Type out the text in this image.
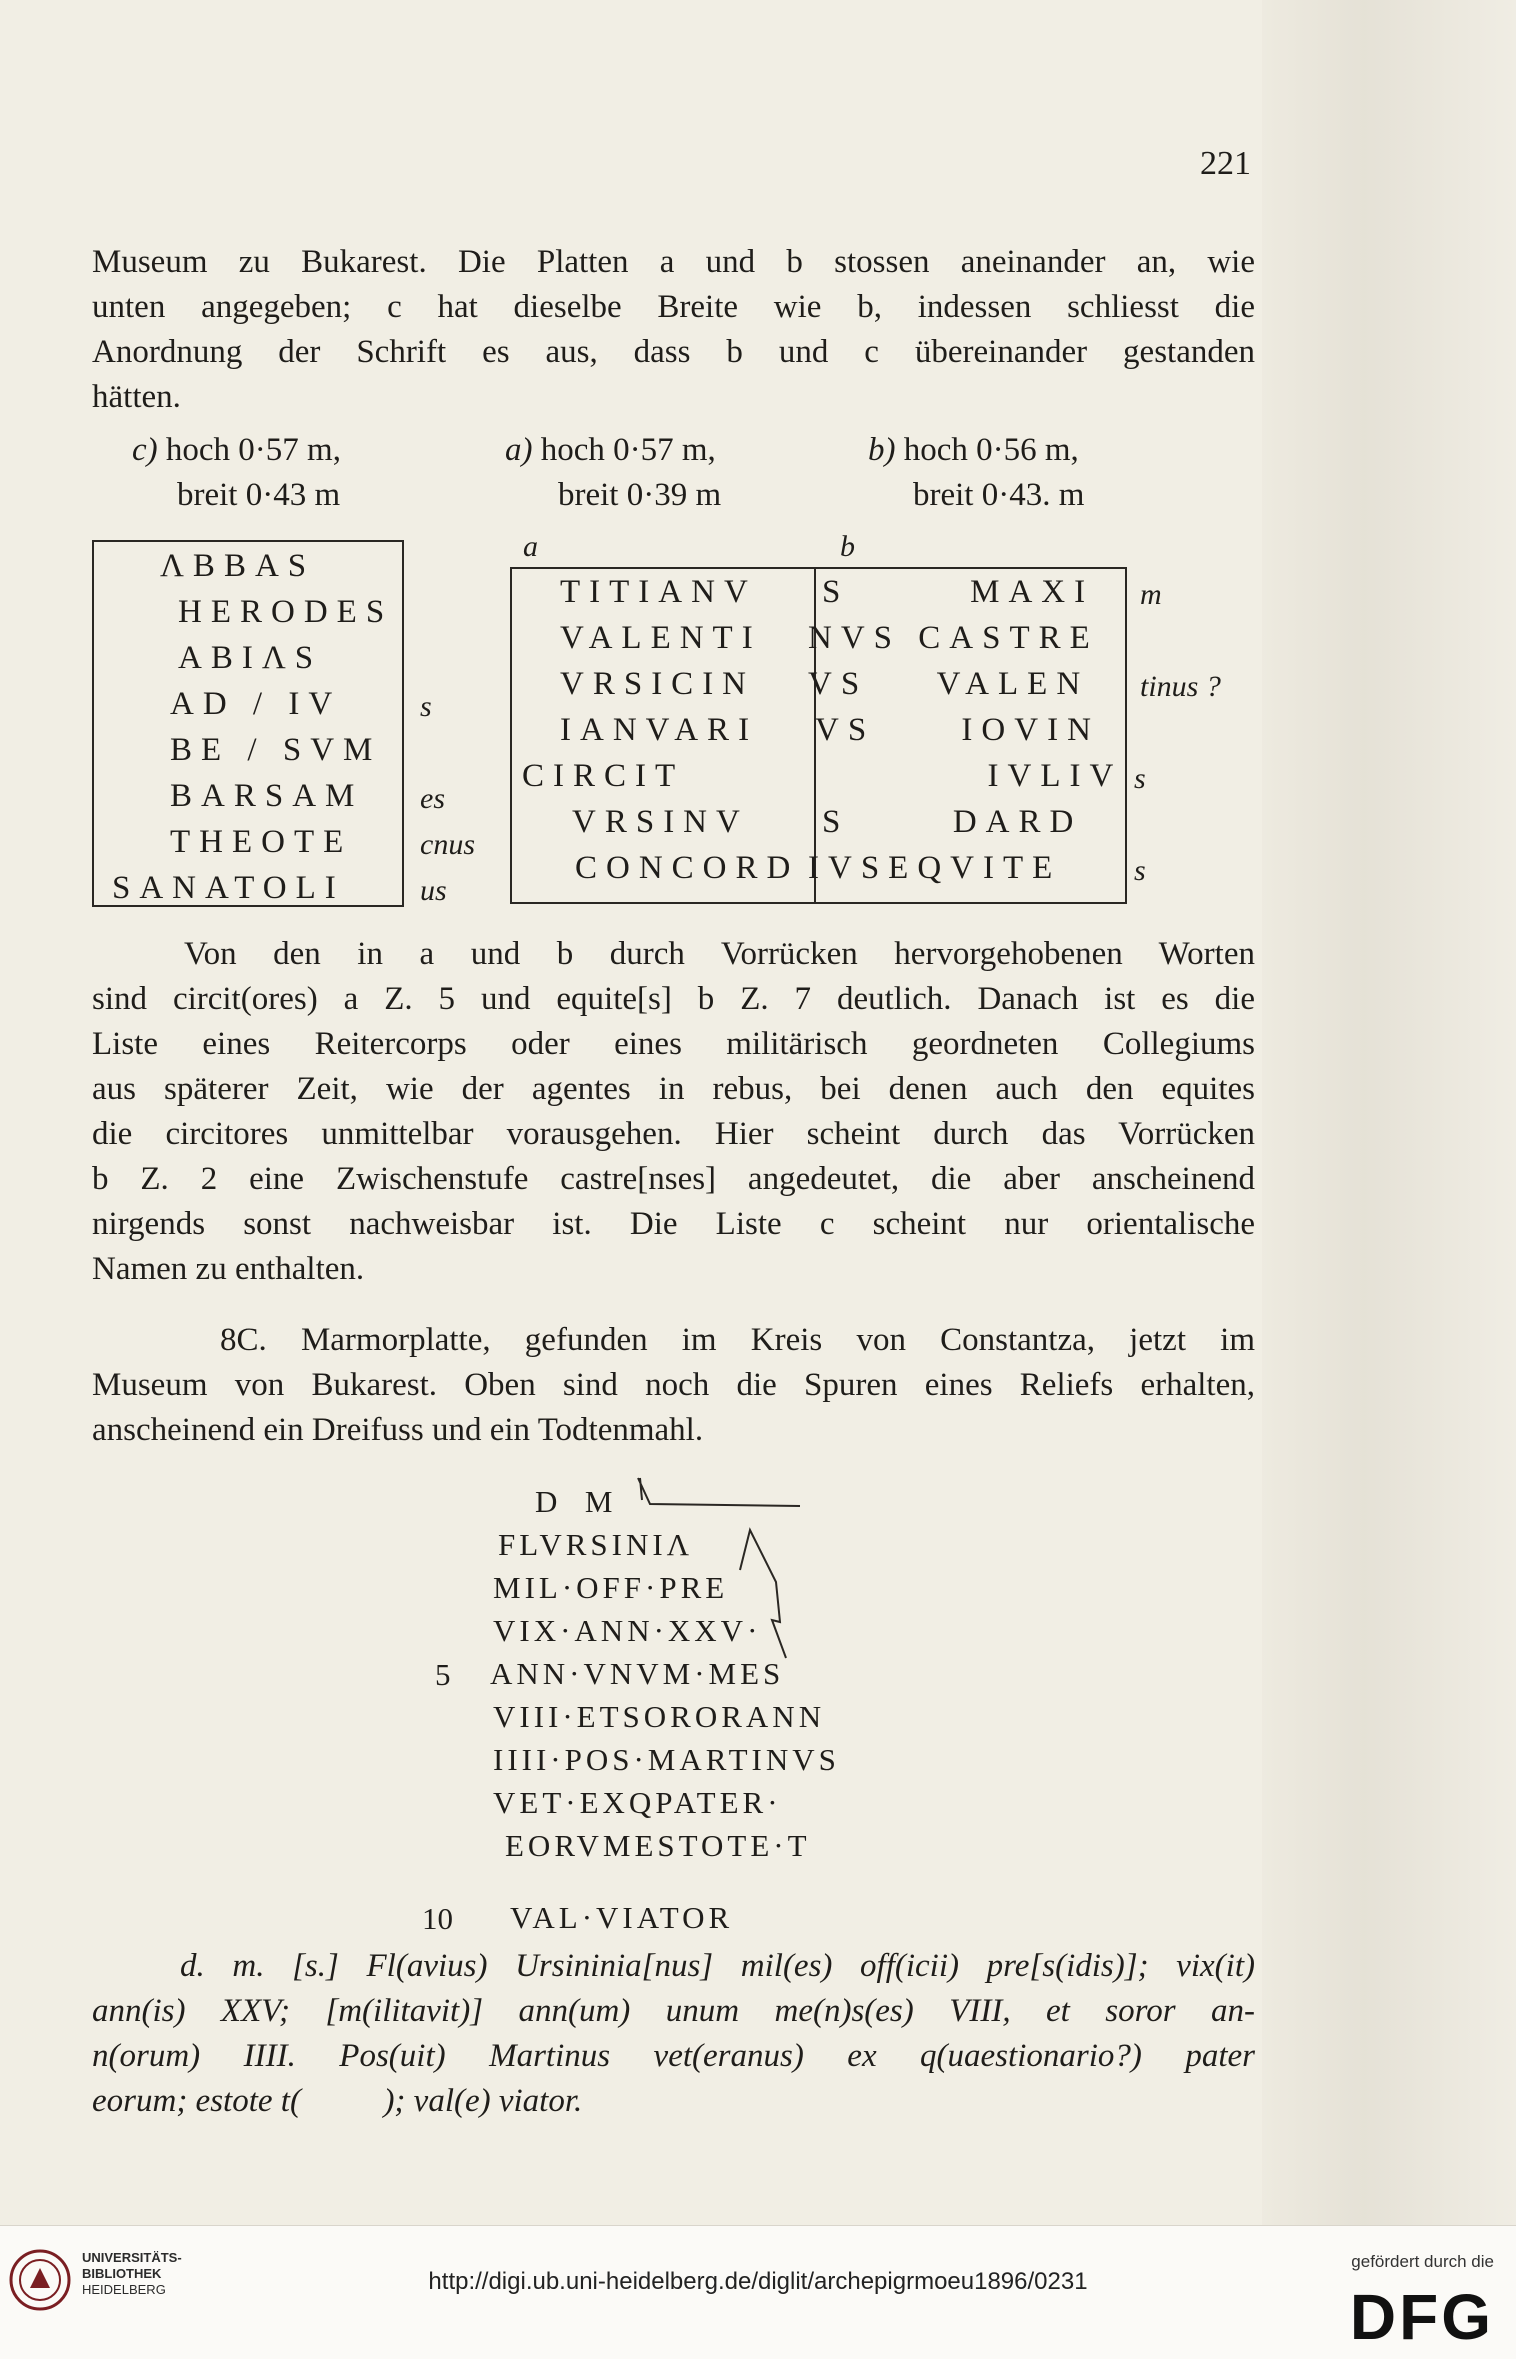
221
Museum zu Bukarest. Die Platten a und b stossen aneinander an, wie
unten angegeben; c hat dieselbe Breite wie b, indessen schliesst die
Anordnung der Schrift es aus, dass b und c übereinander gestanden
hätten.
c) hoch 0·57 m,
breit 0·43 m
a) hoch 0·57 m,
breit 0·39 m
b) hoch 0·56 m,
breit 0·43. m
ΛBBAS
HERODES
ABIΛS
AD / IV
BE / SVM
BARSAM
THEOTE
SANATOLI
s
es
cnus
us
a	b
TITIANV
VALENTI
VRSICIN
IANVARI
CIRCIT
VRSINV
CONCORD
S       MAXI
NVS CASTRE
VS    VALEN
VS     IOVIN
IVLIV
S      DARD
IVSEQVITE
m
tinus ?
s
s
Von den in a und b durch Vorrücken hervorgehobenen Worten
sind circit(ores) a Z. 5 und equite[s] b Z. 7 deutlich. Danach ist es die
Liste eines Reitercorps oder eines militärisch geordneten Collegiums
aus späterer Zeit, wie der agentes in rebus, bei denen auch den equites
die circitores unmittelbar vorausgehen. Hier scheint durch das Vorrücken
b Z. 2 eine Zwischenstufe castre[nses] angedeutet, die aber anscheinend
nirgends sonst nachweisbar ist. Die Liste c scheint nur orientalische
Namen zu enthalten.
8C. Marmorplatte, gefunden im Kreis von Constantza, jetzt im
Museum von Bukarest. Oben sind noch die Spuren eines Reliefs erhalten,
anscheinend ein Dreifuss und ein Todtenmahl.
D  M
FLVRSINIΛ
MIL·OFF·PRE
VIX·ANN·XXV·
5 ANN·VNVM·MES
VIII·ETSORORANN
IIII·POS·MARTINVS
VET·EXQPATER·
EORVMESTOTE·T
10 VAL·VIATOR
d. m. [s.] Fl(avius) Ursininia[nus] mil(es) off(icii) pre[s(idis)]; vix(it)
ann(is) XXV; [m(ilitavit)] ann(um) unum me(n)s(es) VIII, et soror an-
n(orum) IIII. Pos(uit) Martinus vet(eranus) ex q(uaestionario?) pater
eorum; estote t(          ); val(e) viator.
UNIVERSITÄTS-
BIBLIOTHEK
HEIDELBERG	http://digi.ub.uni-heidelberg.de/diglit/archepigrmoeu1896/0231
gefördert durch die
DFG
